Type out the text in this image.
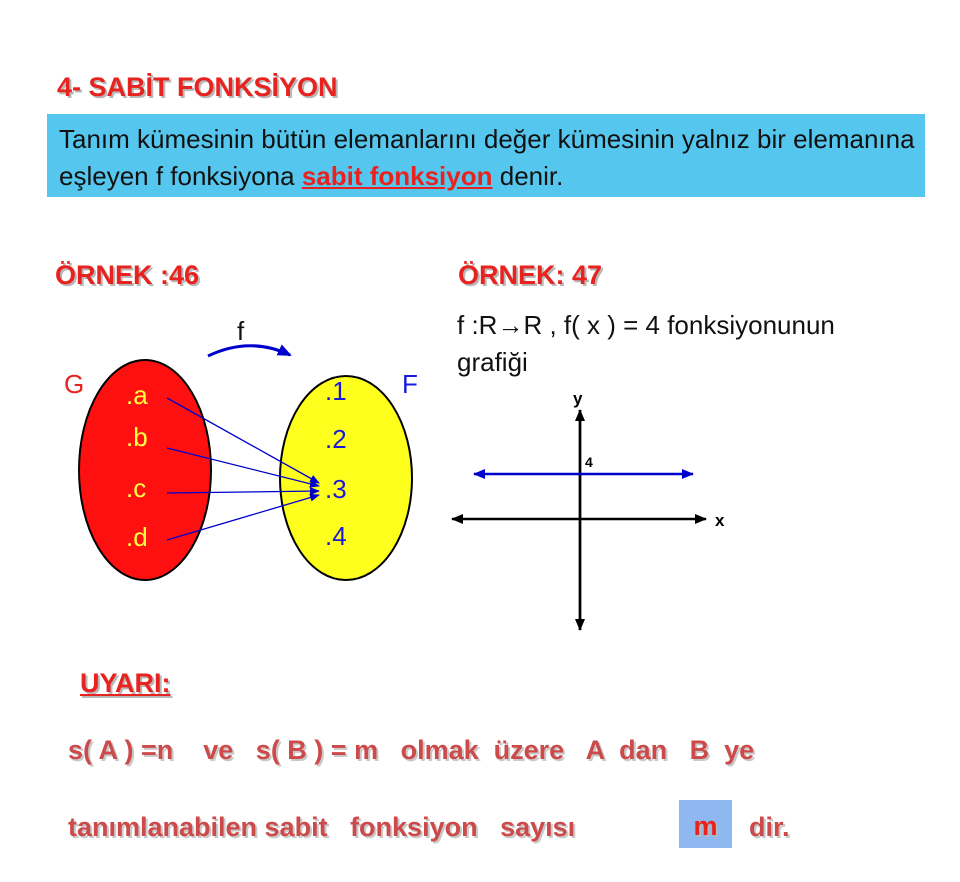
4- SABİT FONKSİYON
Tanım kümesinin bütün elemanlarını değer kümesinin yalnız bir elemanına eşleyen f fonksiyona sabit fonksiyon denir.
ÖRNEK :46	ÖRNEK: 47
f :R→R , f( x ) = 4 fonksiyonunun
grafiği
f
G	F
.a
.b
.c
.d
.1
.2
.3
.4
y
x
4
UYARI:
s( A ) =n    ve   s( B ) = m   olmak  üzere   A  dan   B  ye
tanımlanabilen sabit   fonksiyon   sayısı	m	dir.
